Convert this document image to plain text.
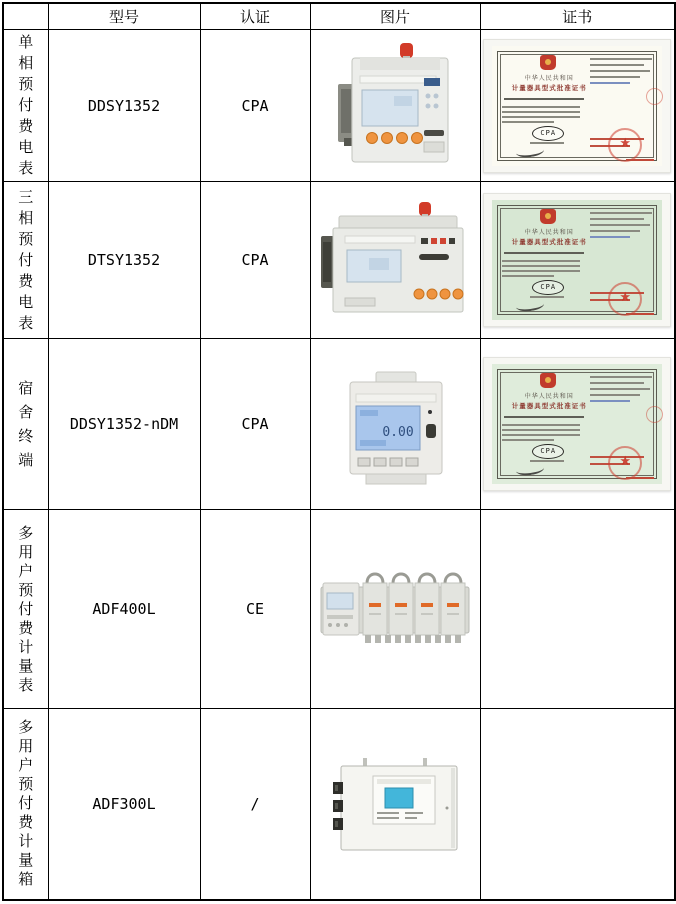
	型号	认证	图片	证书

单相预付费电表	DDSY1352	CPA		中华人民共和国
计量器具型式批准证书
CPA
★

三相预付费电表	DTSY1352	CPA		中华人民共和国
计量器具型式批准证书
CPA
★

宿舍终端	DDSY1352-nDM	CPA	0.00	中华人民共和国
计量器具型式批准证书
CPA
★

多用户预付费计量表	ADF400L	CE	

多用户预付费计量箱	ADF300L	/	
